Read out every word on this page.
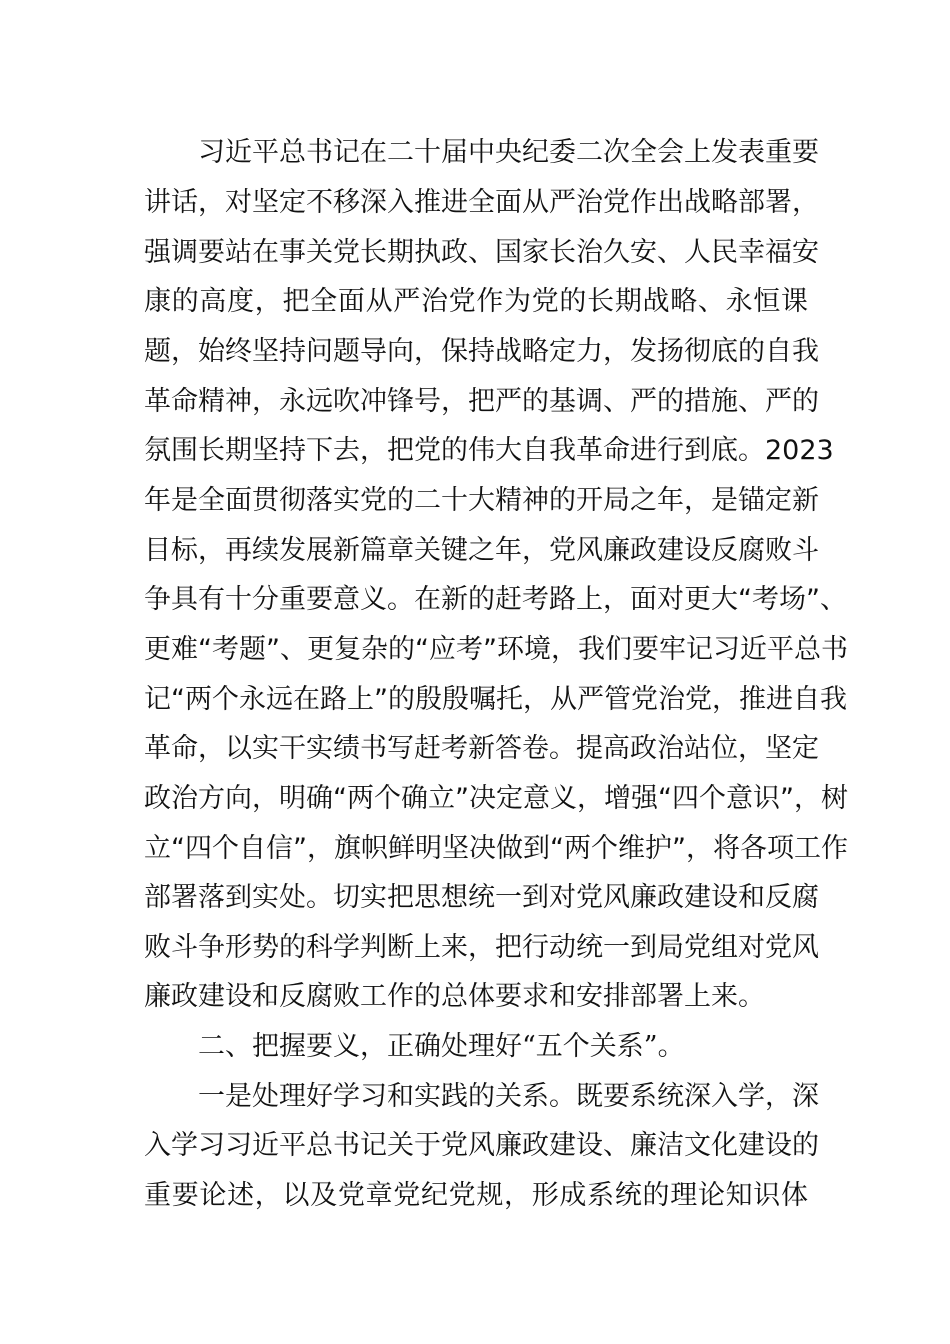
习近平总书记在二十届中央纪委二次全会上发表重要
讲话，对坚定不移深入推进全面从严治党作出战略部署，
强调要站在事关党长期执政、国家长治久安、人民幸福安
康的高度，把全面从严治党作为党的长期战略、永恒课
题，始终坚持问题导向，保持战略定力，发扬彻底的自我
革命精神，永远吹冲锋号，把严的基调、严的措施、严的
氛围长期坚持下去，把党的伟大自我革命进行到底。2023
年是全面贯彻落实党的二十大精神的开局之年，是锚定新
目标，再续发展新篇章关键之年，党风廉政建设反腐败斗
争具有十分重要意义。在新的赶考路上，面对更大“考场”、
更难“考题”、更复杂的“应考”环境，我们要牢记习近平总书
记“两个永远在路上”的殷殷嘱托，从严管党治党，推进自我
革命，以实干实绩书写赶考新答卷。提高政治站位，坚定
政治方向，明确“两个确立”决定意义，增强“四个意识”，树
立“四个自信”，旗帜鲜明坚决做到“两个维护”，将各项工作
部署落到实处。切实把思想统一到对党风廉政建设和反腐
败斗争形势的科学判断上来，把行动统一到局党组对党风
廉政建设和反腐败工作的总体要求和安排部署上来。
二、把握要义，正确处理好“五个关系”。
一是处理好学习和实践的关系。既要系统深入学，深
入学习习近平总书记关于党风廉政建设、廉洁文化建设的
重要论述，以及党章党纪党规，形成系统的理论知识体
